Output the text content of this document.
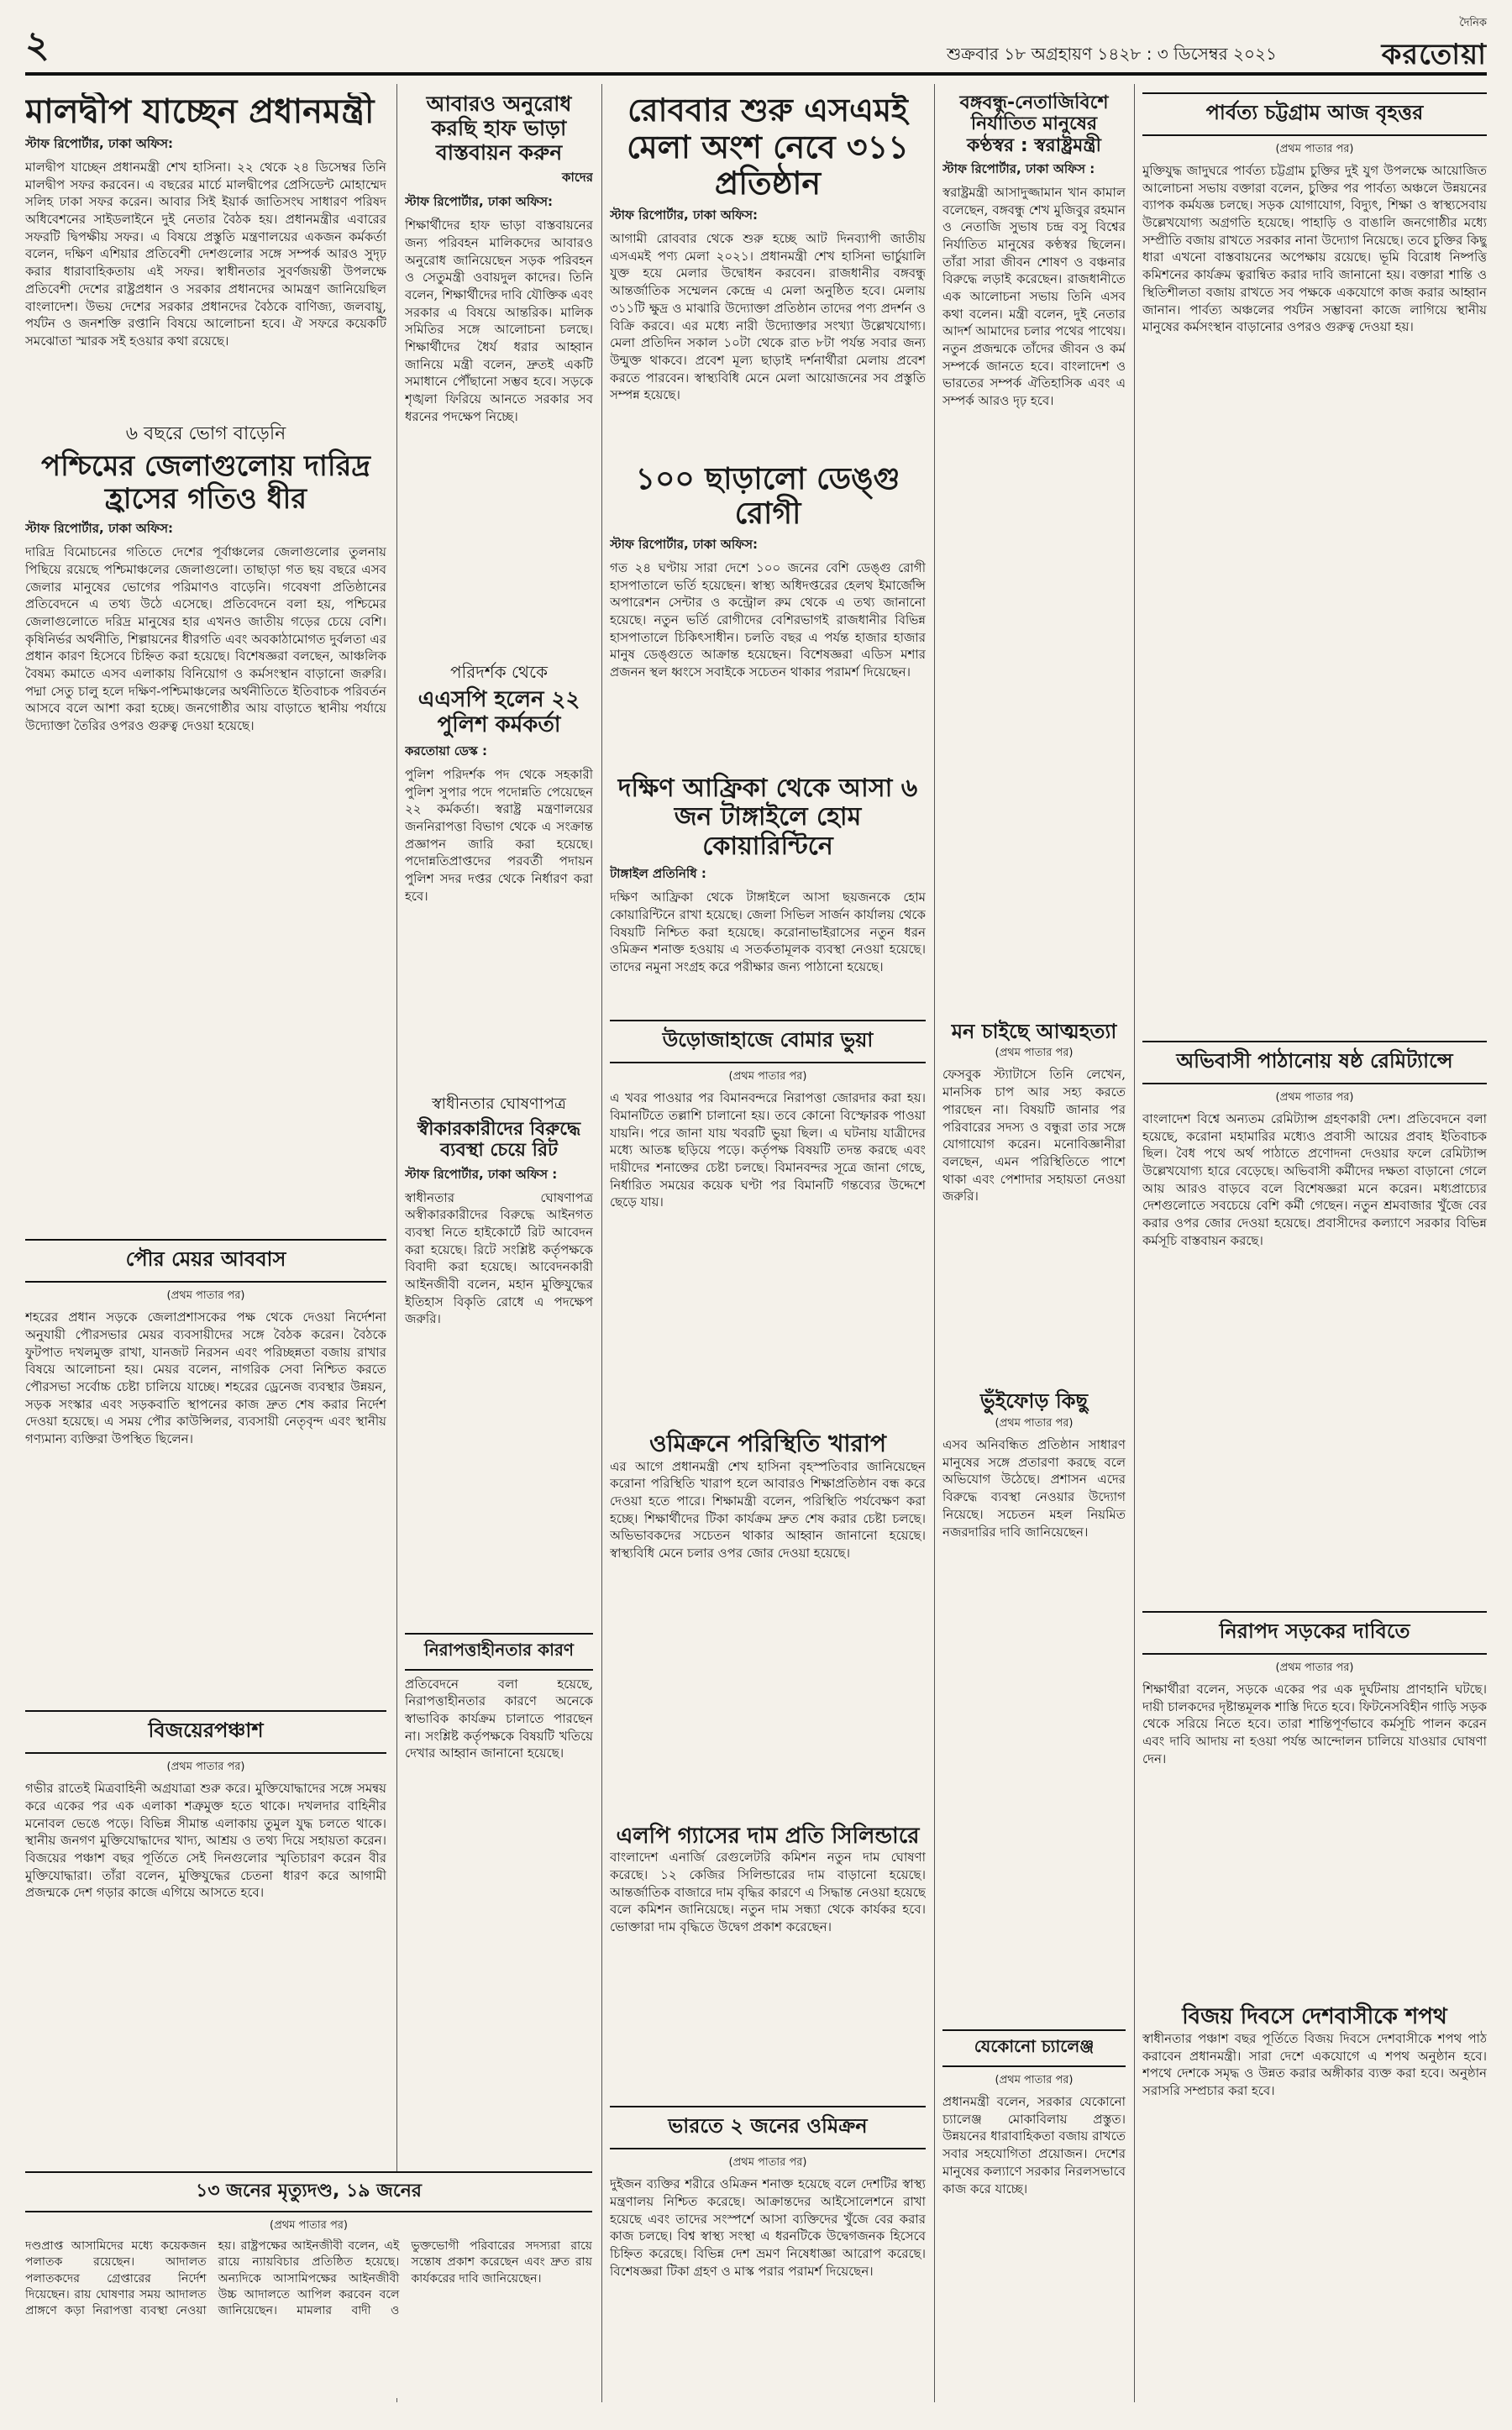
২	শুক্রবার ১৮ অগ্রহায়ণ ১৪২৮ : ৩ ডিসেম্বর ২০২১
দৈনিক
করতোয়া
মালদ্বীপ যাচ্ছেন প্রধানমন্ত্রী
স্টাফ রিপোর্টার, ঢাকা অফিস:
মালদ্বীপ যাচ্ছেন প্রধানমন্ত্রী শেখ হাসিনা। ২২ থেকে ২৪ ডিসেম্বর তিনি মালদ্বীপ সফর করবেন। এ বছরের মার্চে মালদ্বীপের প্রেসিডেন্ট মোহাম্মেদ সলিহ ঢাকা সফর করেন। আবার সিই ইয়ার্ক জাতিসংঘ সাধারণ পরিষদ অধিবেশনের সাইডলাইনে দুই নেতার বৈঠক হয়। প্রধানমন্ত্রীর এবারের সফরটি দ্বিপক্ষীয় সফর। এ বিষয়ে প্রস্তুতি মন্ত্রণালয়ের একজন কর্মকর্তা বলেন, দক্ষিণ এশিয়ার প্রতিবেশী দেশগুলোর সঙ্গে সম্পর্ক আরও সুদৃঢ় করার ধারাবাহিকতায় এই সফর। স্বাধীনতার সুবর্ণজয়ন্তী উপলক্ষে প্রতিবেশী দেশের রাষ্ট্রপ্রধান ও সরকার প্রধানদের আমন্ত্রণ জানিয়েছিল বাংলাদেশ। উভয় দেশের সরকার প্রধানদের বৈঠকে বাণিজ্য, জলবায়ু, পর্যটন ও জনশক্তি রপ্তানি বিষয়ে আলোচনা হবে। ঐ সফরে কয়েকটি সমঝোতা স্মারক সই হওয়ার কথা রয়েছে।
৬ বছরে ভোগ বাড়েনি
পশ্চিমের জেলাগুলোয় দারিদ্র হ্রাসের গতিও ধীর
স্টাফ রিপোর্টার, ঢাকা অফিস:
দারিদ্র বিমোচনের গতিতে দেশের পূর্বাঞ্চলের জেলাগুলোর তুলনায় পিছিয়ে রয়েছে পশ্চিমাঞ্চলের জেলাগুলো। তাছাড়া গত ছয় বছরে এসব জেলার মানুষের ভোগের পরিমাণও বাড়েনি। গবেষণা প্রতিষ্ঠানের প্রতিবেদনে এ তথ্য উঠে এসেছে। প্রতিবেদনে বলা হয়, পশ্চিমের জেলাগুলোতে দরিদ্র মানুষের হার এখনও জাতীয় গড়ের চেয়ে বেশি। কৃষিনির্ভর অর্থনীতি, শিল্পায়নের ধীরগতি এবং অবকাঠামোগত দুর্বলতা এর প্রধান কারণ হিসেবে চিহ্নিত করা হয়েছে। বিশেষজ্ঞরা বলছেন, আঞ্চলিক বৈষম্য কমাতে এসব এলাকায় বিনিয়োগ ও কর্মসংস্থান বাড়ানো জরুরি। পদ্মা সেতু চালু হলে দক্ষিণ-পশ্চিমাঞ্চলের অর্থনীতিতে ইতিবাচক পরিবর্তন আসবে বলে আশা করা হচ্ছে। জনগোষ্ঠীর আয় বাড়াতে স্থানীয় পর্যায়ে উদ্যোক্তা তৈরির ওপরও গুরুত্ব দেওয়া হয়েছে।
পৌর মেয়র আববাস
(প্রথম পাতার পর)
শহরের প্রধান সড়কে জেলাপ্রশাসকের পক্ষ থেকে দেওয়া নির্দেশনা অনুযায়ী পৌরসভার মেয়র ব্যবসায়ীদের সঙ্গে বৈঠক করেন। বৈঠকে ফুটপাত দখলমুক্ত রাখা, যানজট নিরসন এবং পরিচ্ছন্নতা বজায় রাখার বিষয়ে আলোচনা হয়। মেয়র বলেন, নাগরিক সেবা নিশ্চিত করতে পৌরসভা সর্বোচ্চ চেষ্টা চালিয়ে যাচ্ছে। শহরের ড্রেনেজ ব্যবস্থার উন্নয়ন, সড়ক সংস্কার এবং সড়কবাতি স্থাপনের কাজ দ্রুত শেষ করার নির্দেশ দেওয়া হয়েছে। এ সময় পৌর কাউন্সিলর, ব্যবসায়ী নেতৃবৃন্দ এবং স্থানীয় গণ্যমান্য ব্যক্তিরা উপস্থিত ছিলেন।
বিজয়েরপঞ্চাশ
(প্রথম পাতার পর)
গভীর রাতেই মিত্রবাহিনী অগ্রযাত্রা শুরু করে। মুক্তিযোদ্ধাদের সঙ্গে সমন্বয় করে একের পর এক এলাকা শত্রুমুক্ত হতে থাকে। দখলদার বাহিনীর মনোবল ভেঙে পড়ে। বিভিন্ন সীমান্ত এলাকায় তুমুল যুদ্ধ চলতে থাকে। স্থানীয় জনগণ মুক্তিযোদ্ধাদের খাদ্য, আশ্রয় ও তথ্য দিয়ে সহায়তা করেন। বিজয়ের পঞ্চাশ বছর পূর্তিতে সেই দিনগুলোর স্মৃতিচারণ করেন বীর মুক্তিযোদ্ধারা। তাঁরা বলেন, মুক্তিযুদ্ধের চেতনা ধারণ করে আগামী প্রজন্মকে দেশ গড়ার কাজে এগিয়ে আসতে হবে।
১৩ জনের মৃত্যুদণ্ড, ১৯ জনের
(প্রথম পাতার পর)
দণ্ডপ্রাপ্ত আসামিদের মধ্যে কয়েকজন পলাতক রয়েছেন। আদালত পলাতকদের গ্রেপ্তারের নির্দেশ দিয়েছেন। রায় ঘোষণার সময় আদালত প্রাঙ্গণে কড়া নিরাপত্তা ব্যবস্থা নেওয়া হয়। রাষ্ট্রপক্ষের আইনজীবী বলেন, এই রায়ে ন্যায়বিচার প্রতিষ্ঠিত হয়েছে। অন্যদিকে আসামিপক্ষের আইনজীবী উচ্চ আদালতে আপিল করবেন বলে জানিয়েছেন। মামলার বাদী ও ভুক্তভোগী পরিবারের সদস্যরা রায়ে সন্তোষ প্রকাশ করেছেন এবং দ্রুত রায় কার্যকরের দাবি জানিয়েছেন।
আবারও অনুরোধ করছি হাফ ভাড়া বাস্তবায়ন করুন
কাদের
স্টাফ রিপোর্টার, ঢাকা অফিস:
শিক্ষার্থীদের হাফ ভাড়া বাস্তবায়নের জন্য পরিবহন মালিকদের আবারও অনুরোধ জানিয়েছেন সড়ক পরিবহন ও সেতুমন্ত্রী ওবায়দুল কাদের। তিনি বলেন, শিক্ষার্থীদের দাবি যৌক্তিক এবং সরকার এ বিষয়ে আন্তরিক। মালিক সমিতির সঙ্গে আলোচনা চলছে। শিক্ষার্থীদের ধৈর্য ধরার আহ্বান জানিয়ে মন্ত্রী বলেন, দ্রুতই একটি সমাধানে পৌঁছানো সম্ভব হবে। সড়কে শৃঙ্খলা ফিরিয়ে আনতে সরকার সব ধরনের পদক্ষেপ নিচ্ছে।
পরিদর্শক থেকে
এএসপি হলেন ২২ পুলিশ কর্মকর্তা
করতোয়া ডেস্ক :
পুলিশ পরিদর্শক পদ থেকে সহকারী পুলিশ সুপার পদে পদোন্নতি পেয়েছেন ২২ কর্মকর্তা। স্বরাষ্ট্র মন্ত্রণালয়ের জননিরাপত্তা বিভাগ থেকে এ সংক্রান্ত প্রজ্ঞাপন জারি করা হয়েছে। পদোন্নতিপ্রাপ্তদের পরবর্তী পদায়ন পুলিশ সদর দপ্তর থেকে নির্ধারণ করা হবে।
স্বাধীনতার ঘোষণাপত্র
স্বীকারকারীদের বিরুদ্ধে ব্যবস্থা চেয়ে রিট
স্টাফ রিপোর্টার, ঢাকা অফিস :
স্বাধীনতার ঘোষণাপত্র অস্বীকারকারীদের বিরুদ্ধে আইনগত ব্যবস্থা নিতে হাইকোর্টে রিট আবেদন করা হয়েছে। রিটে সংশ্লিষ্ট কর্তৃপক্ষকে বিবাদী করা হয়েছে। আবেদনকারী আইনজীবী বলেন, মহান মুক্তিযুদ্ধের ইতিহাস বিকৃতি রোধে এ পদক্ষেপ জরুরি।
নিরাপত্তাহীনতার কারণ
প্রতিবেদনে বলা হয়েছে, নিরাপত্তাহীনতার কারণে অনেকে স্বাভাবিক কার্যক্রম চালাতে পারছেন না। সংশ্লিষ্ট কর্তৃপক্ষকে বিষয়টি খতিয়ে দেখার আহ্বান জানানো হয়েছে।
রোববার শুরু এসএমই মেলা অংশ নেবে ৩১১ প্রতিষ্ঠান
স্টাফ রিপোর্টার, ঢাকা অফিস:
আগামী রোববার থেকে শুরু হচ্ছে আট দিনব্যাপী জাতীয় এসএমই পণ্য মেলা ২০২১। প্রধানমন্ত্রী শেখ হাসিনা ভার্চুয়ালি যুক্ত হয়ে মেলার উদ্বোধন করবেন। রাজধানীর বঙ্গবন্ধু আন্তর্জাতিক সম্মেলন কেন্দ্রে এ মেলা অনুষ্ঠিত হবে। মেলায় ৩১১টি ক্ষুদ্র ও মাঝারি উদ্যোক্তা প্রতিষ্ঠান তাদের পণ্য প্রদর্শন ও বিক্রি করবে। এর মধ্যে নারী উদ্যোক্তার সংখ্যা উল্লেখযোগ্য। মেলা প্রতিদিন সকাল ১০টা থেকে রাত ৮টা পর্যন্ত সবার জন্য উন্মুক্ত থাকবে। প্রবেশ মূল্য ছাড়াই দর্শনার্থীরা মেলায় প্রবেশ করতে পারবেন। স্বাস্থ্যবিধি মেনে মেলা আয়োজনের সব প্রস্তুতি সম্পন্ন হয়েছে।
১০০ ছাড়ালো ডেঙ্গু রোগী
স্টাফ রিপোর্টার, ঢাকা অফিস:
গত ২৪ ঘণ্টায় সারা দেশে ১০০ জনের বেশি ডেঙ্গু রোগী হাসপাতালে ভর্তি হয়েছেন। স্বাস্থ্য অধিদপ্তরের হেলথ ইমার্জেন্সি অপারেশন সেন্টার ও কন্ট্রোল রুম থেকে এ তথ্য জানানো হয়েছে। নতুন ভর্তি রোগীদের বেশিরভাগই রাজধানীর বিভিন্ন হাসপাতালে চিকিৎসাধীন। চলতি বছর এ পর্যন্ত হাজার হাজার মানুষ ডেঙ্গুতে আক্রান্ত হয়েছেন। বিশেষজ্ঞরা এডিস মশার প্রজনন স্থল ধ্বংসে সবাইকে সচেতন থাকার পরামর্শ দিয়েছেন।
দক্ষিণ আফ্রিকা থেকে আসা ৬ জন টাঙ্গাইলে হোম কোয়ারিন্টিনে
টাঙ্গাইল প্রতিনিধি :
দক্ষিণ আফ্রিকা থেকে টাঙ্গাইলে আসা ছয়জনকে হোম কোয়ারিন্টিনে রাখা হয়েছে। জেলা সিভিল সার্জন কার্যালয় থেকে বিষয়টি নিশ্চিত করা হয়েছে। করোনাভাইরাসের নতুন ধরন ওমিক্রন শনাক্ত হওয়ায় এ সতর্কতামূলক ব্যবস্থা নেওয়া হয়েছে। তাদের নমুনা সংগ্রহ করে পরীক্ষার জন্য পাঠানো হয়েছে।
উড়োজাহাজে বোমার ভুয়া
(প্রথম পাতার পর)
এ খবর পাওয়ার পর বিমানবন্দরে নিরাপত্তা জোরদার করা হয়। বিমানটিতে তল্লাশি চালানো হয়। তবে কোনো বিস্ফোরক পাওয়া যায়নি। পরে জানা যায় খবরটি ভুয়া ছিল। এ ঘটনায় যাত্রীদের মধ্যে আতঙ্ক ছড়িয়ে পড়ে। কর্তৃপক্ষ বিষয়টি তদন্ত করছে এবং দায়ীদের শনাক্তের চেষ্টা চলছে। বিমানবন্দর সূত্রে জানা গেছে, নির্ধারিত সময়ের কয়েক ঘণ্টা পর বিমানটি গন্তব্যের উদ্দেশে ছেড়ে যায়।
ওমিক্রনে পরিস্থিতি খারাপ
এর আগে প্রধানমন্ত্রী শেখ হাসিনা বৃহস্পতিবার জানিয়েছেন করোনা পরিস্থিতি খারাপ হলে আবারও শিক্ষাপ্রতিষ্ঠান বন্ধ করে দেওয়া হতে পারে। শিক্ষামন্ত্রী বলেন, পরিস্থিতি পর্যবেক্ষণ করা হচ্ছে। শিক্ষার্থীদের টিকা কার্যক্রম দ্রুত শেষ করার চেষ্টা চলছে। অভিভাবকদের সচেতন থাকার আহ্বান জানানো হয়েছে। স্বাস্থ্যবিধি মেনে চলার ওপর জোর দেওয়া হয়েছে।
এলপি গ্যাসের দাম প্রতি সিলিন্ডারে
বাংলাদেশ এনার্জি রেগুলেটরি কমিশন নতুন দাম ঘোষণা করেছে। ১২ কেজির সিলিন্ডারের দাম বাড়ানো হয়েছে। আন্তর্জাতিক বাজারে দাম বৃদ্ধির কারণে এ সিদ্ধান্ত নেওয়া হয়েছে বলে কমিশন জানিয়েছে। নতুন দাম সন্ধ্যা থেকে কার্যকর হবে। ভোক্তারা দাম বৃদ্ধিতে উদ্বেগ প্রকাশ করেছেন।
ভারতে ২ জনের ওমিক্রন
(প্রথম পাতার পর)
দুইজন ব্যক্তির শরীরে ওমিক্রন শনাক্ত হয়েছে বলে দেশটির স্বাস্থ্য মন্ত্রণালয় নিশ্চিত করেছে। আক্রান্তদের আইসোলেশনে রাখা হয়েছে এবং তাদের সংস্পর্শে আসা ব্যক্তিদের খুঁজে বের করার কাজ চলছে। বিশ্ব স্বাস্থ্য সংস্থা এ ধরনটিকে উদ্বেগজনক হিসেবে চিহ্নিত করেছে। বিভিন্ন দেশ ভ্রমণ নিষেধাজ্ঞা আরোপ করেছে। বিশেষজ্ঞরা টিকা গ্রহণ ও মাস্ক পরার পরামর্শ দিয়েছেন।
বঙ্গবন্ধু-নেতাজিবিশে নির্যাতিত মানুষের
কণ্ঠস্বর : স্বরাষ্ট্রমন্ত্রী
স্টাফ রিপোর্টার, ঢাকা অফিস :
স্বরাষ্ট্রমন্ত্রী আসাদুজ্জামান খান কামাল বলেছেন, বঙ্গবন্ধু শেখ মুজিবুর রহমান ও নেতাজি সুভাষ চন্দ্র বসু বিশ্বের নির্যাতিত মানুষের কণ্ঠস্বর ছিলেন। তাঁরা সারা জীবন শোষণ ও বঞ্চনার বিরুদ্ধে লড়াই করেছেন। রাজধানীতে এক আলোচনা সভায় তিনি এসব কথা বলেন। মন্ত্রী বলেন, দুই নেতার আদর্শ আমাদের চলার পথের পাথেয়। নতুন প্রজন্মকে তাঁদের জীবন ও কর্ম সম্পর্কে জানতে হবে। বাংলাদেশ ও ভারতের সম্পর্ক ঐতিহাসিক এবং এ সম্পর্ক আরও দৃঢ় হবে।
মন চাইছে আত্মহত্যা
(প্রথম পাতার পর)
ফেসবুক স্ট্যাটাসে তিনি লেখেন, মানসিক চাপ আর সহ্য করতে পারছেন না। বিষয়টি জানার পর পরিবারের সদস্য ও বন্ধুরা তার সঙ্গে যোগাযোগ করেন। মনোবিজ্ঞানীরা বলছেন, এমন পরিস্থিতিতে পাশে থাকা এবং পেশাদার সহায়তা নেওয়া জরুরি।
ভুঁইফোড় কিছু
(প্রথম পাতার পর)
এসব অনিবন্ধিত প্রতিষ্ঠান সাধারণ মানুষের সঙ্গে প্রতারণা করছে বলে অভিযোগ উঠেছে। প্রশাসন এদের বিরুদ্ধে ব্যবস্থা নেওয়ার উদ্যোগ নিয়েছে। সচেতন মহল নিয়মিত নজরদারির দাবি জানিয়েছেন।
যেকোনো চ্যালেঞ্জ
(প্রথম পাতার পর)
প্রধানমন্ত্রী বলেন, সরকার যেকোনো চ্যালেঞ্জ মোকাবিলায় প্রস্তুত। উন্নয়নের ধারাবাহিকতা বজায় রাখতে সবার সহযোগিতা প্রয়োজন। দেশের মানুষের কল্যাণে সরকার নিরলসভাবে কাজ করে যাচ্ছে।
পার্বত্য চট্টগ্রাম আজ বৃহত্তর
(প্রথম পাতার পর)
মুক্তিযুদ্ধ জাদুঘরে পার্বত্য চট্টগ্রাম চুক্তির দুই যুগ উপলক্ষে আয়োজিত আলোচনা সভায় বক্তারা বলেন, চুক্তির পর পার্বত্য অঞ্চলে উন্নয়নের ব্যাপক কর্মযজ্ঞ চলছে। সড়ক যোগাযোগ, বিদ্যুৎ, শিক্ষা ও স্বাস্থ্যসেবায় উল্লেখযোগ্য অগ্রগতি হয়েছে। পাহাড়ি ও বাঙালি জনগোষ্ঠীর মধ্যে সম্প্রীতি বজায় রাখতে সরকার নানা উদ্যোগ নিয়েছে। তবে চুক্তির কিছু ধারা এখনো বাস্তবায়নের অপেক্ষায় রয়েছে। ভূমি বিরোধ নিষ্পত্তি কমিশনের কার্যক্রম ত্বরান্বিত করার দাবি জানানো হয়। বক্তারা শান্তি ও স্থিতিশীলতা বজায় রাখতে সব পক্ষকে একযোগে কাজ করার আহ্বান জানান। পার্বত্য অঞ্চলের পর্যটন সম্ভাবনা কাজে লাগিয়ে স্থানীয় মানুষের কর্মসংস্থান বাড়ানোর ওপরও গুরুত্ব দেওয়া হয়।
অভিবাসী পাঠানোয় ষষ্ঠ রেমিট্যান্সে
(প্রথম পাতার পর)
বাংলাদেশ বিশ্বে অন্যতম রেমিট্যান্স গ্রহণকারী দেশ। প্রতিবেদনে বলা হয়েছে, করোনা মহামারির মধ্যেও প্রবাসী আয়ের প্রবাহ ইতিবাচক ছিল। বৈধ পথে অর্থ পাঠাতে প্রণোদনা দেওয়ার ফলে রেমিট্যান্স উল্লেখযোগ্য হারে বেড়েছে। অভিবাসী কর্মীদের দক্ষতা বাড়ানো গেলে আয় আরও বাড়বে বলে বিশেষজ্ঞরা মনে করেন। মধ্যপ্রাচ্যের দেশগুলোতে সবচেয়ে বেশি কর্মী গেছেন। নতুন শ্রমবাজার খুঁজে বের করার ওপর জোর দেওয়া হয়েছে। প্রবাসীদের কল্যাণে সরকার বিভিন্ন কর্মসূচি বাস্তবায়ন করছে।
নিরাপদ সড়কের দাবিতে
(প্রথম পাতার পর)
শিক্ষার্থীরা বলেন, সড়কে একের পর এক দুর্ঘটনায় প্রাণহানি ঘটছে। দায়ী চালকদের দৃষ্টান্তমূলক শাস্তি দিতে হবে। ফিটনেসবিহীন গাড়ি সড়ক থেকে সরিয়ে নিতে হবে। তারা শান্তিপূর্ণভাবে কর্মসূচি পালন করেন এবং দাবি আদায় না হওয়া পর্যন্ত আন্দোলন চালিয়ে যাওয়ার ঘোষণা দেন।
বিজয় দিবসে দেশবাসীকে শপথ
স্বাধীনতার পঞ্চাশ বছর পূর্তিতে বিজয় দিবসে দেশবাসীকে শপথ পাঠ করাবেন প্রধানমন্ত্রী। সারা দেশে একযোগে এ শপথ অনুষ্ঠান হবে। শপথে দেশকে সমৃদ্ধ ও উন্নত করার অঙ্গীকার ব্যক্ত করা হবে। অনুষ্ঠান সরাসরি সম্প্রচার করা হবে।
